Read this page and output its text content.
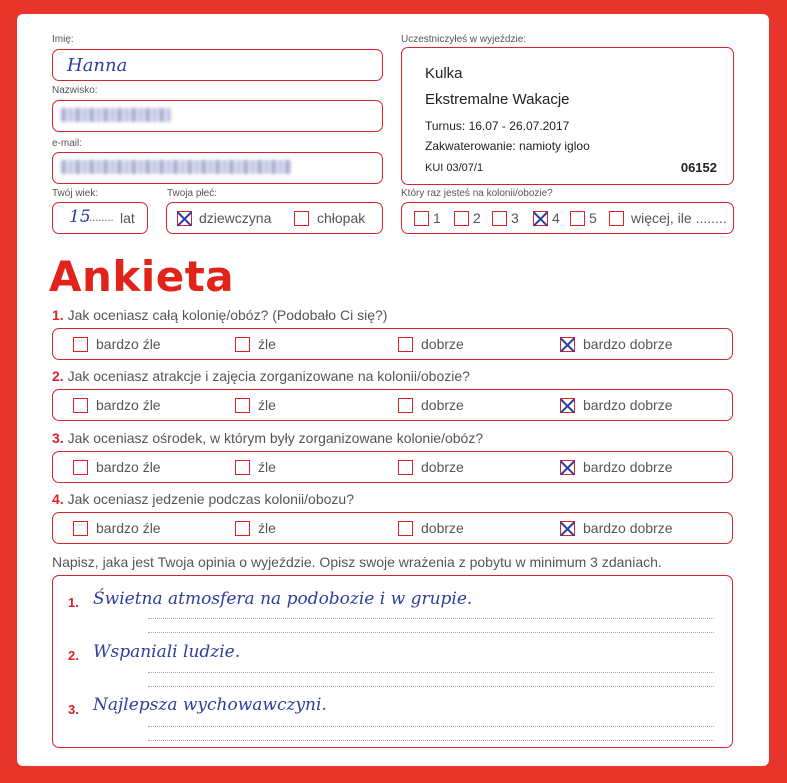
Imię:
Hanna
Nazwisko:
e-mail:
Twój wiek:
15
.......... lat
Twoja płeć:
dziewczyna	chłopak
Uczestniczyłeś w wyjeździe:
Kulka
Ekstremalne Wakacje
Turnus: 16.07 - 26.07.2017
Zakwaterowanie: namioty igloo
KUI 03/07/1	06152
Który raz jesteś na kolonii/obozie?
1 2 3 4 5 więcej, ile ........
Ankieta
1. Jak oceniasz całą kolonię/obóz? (Podobało Ci się?)
bardzo źle	źle	dobrze	bardzo dobrze
2. Jak oceniasz atrakcje i zajęcia zorganizowane na kolonii/obozie?
bardzo źle	źle	dobrze	bardzo dobrze
3. Jak oceniasz ośrodek, w którym były zorganizowane kolonie/obóz?
bardzo źle	źle	dobrze	bardzo dobrze
4. Jak oceniasz jedzenie podczas kolonii/obozu?
bardzo źle	źle	dobrze	bardzo dobrze
Napisz, jaka jest Twoja opinia o wyjeździe. Opisz swoje wrażenia z pobytu w minimum 3 zdaniach.
1. Świetna atmosfera na podobozie i w grupie.
2. Wspaniali ludzie.
3. Najlepsza wychowawczyni.
